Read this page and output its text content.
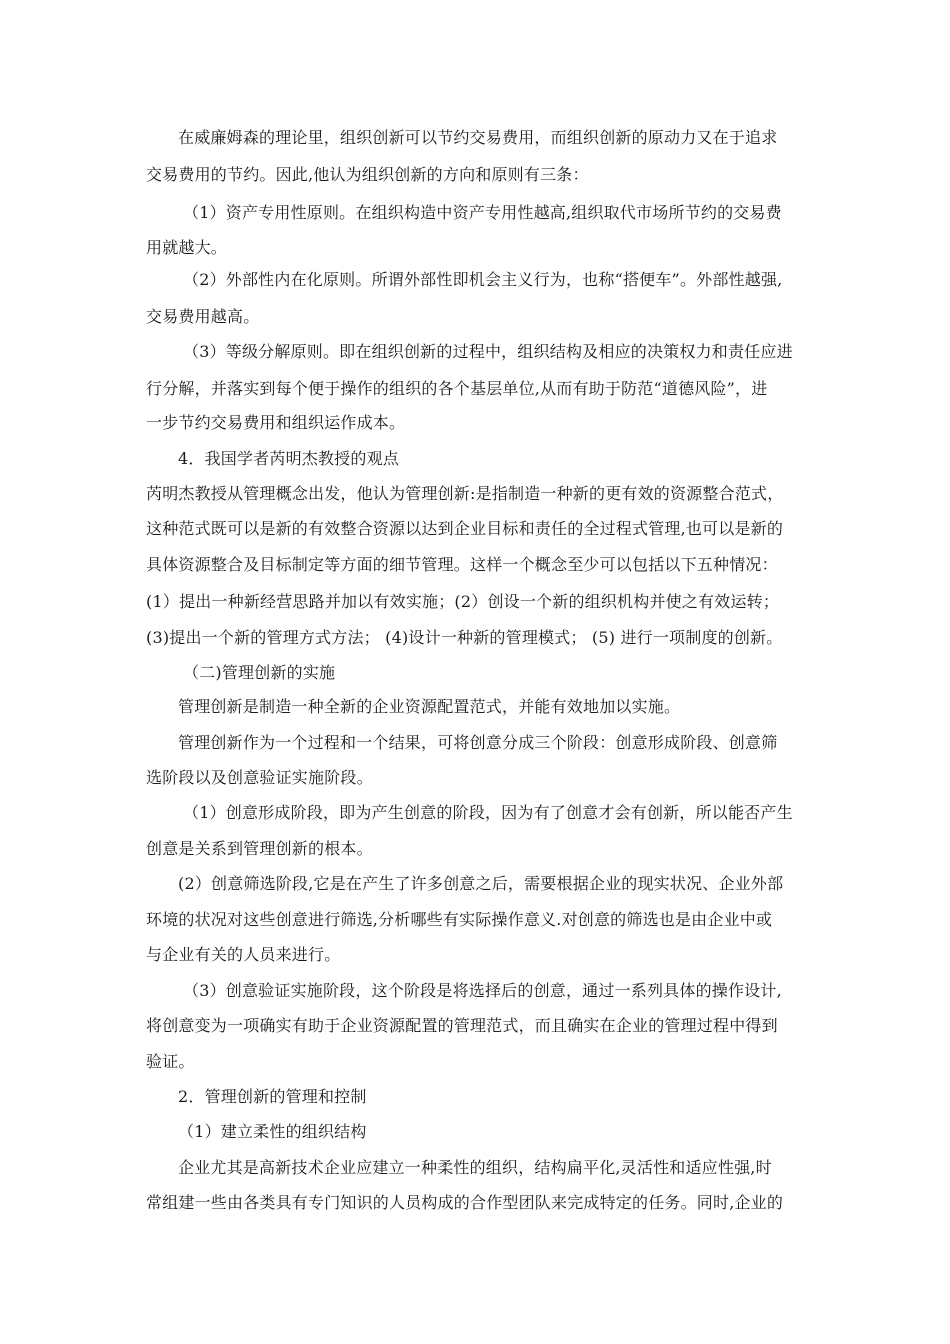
在威廉姆森的理论里，组织创新可以节约交易费用，而组织创新的原动力又在于追求
交易费用的节约。因此,他认为组织创新的方向和原则有三条：
（1）资产专用性原则。在组织构造中资产专用性越高,组织取代市场所节约的交易费
用就越大。
（2）外部性内在化原则。所谓外部性即机会主义行为，也称“搭便车”。外部性越强,
交易费用越高。
（3）等级分解原则。即在组织创新的过程中，组织结构及相应的决策权力和责任应进
行分解，并落实到每个便于操作的组织的各个基层单位,从而有助于防范“道德风险”，进
一步节约交易费用和组织运作成本。
4．我国学者芮明杰教授的观点
芮明杰教授从管理概念出发，他认为管理创新:是指制造一种新的更有效的资源整合范式，
这种范式既可以是新的有效整合资源以达到企业目标和责任的全过程式管理,也可以是新的
具体资源整合及目标制定等方面的细节管理。这样一个概念至少可以包括以下五种情况：
(1）提出一种新经营思路并加以有效实施；(2）创设一个新的组织机构并使之有效运转；
(3)提出一个新的管理方式方法； (4)设计一种新的管理模式； (5) 进行一项制度的创新。
（二)管理创新的实施
管理创新是制造一种全新的企业资源配置范式，并能有效地加以实施。
管理创新作为一个过程和一个结果，可将创意分成三个阶段：创意形成阶段、创意筛
选阶段以及创意验证实施阶段。
（1）创意形成阶段，即为产生创意的阶段，因为有了创意才会有创新，所以能否产生
创意是关系到管理创新的根本。
(2）创意筛选阶段,它是在产生了许多创意之后，需要根据企业的现实状况、企业外部
环境的状况对这些创意进行筛选,分析哪些有实际操作意义.对创意的筛选也是由企业中或
与企业有关的人员来进行。
（3）创意验证实施阶段，这个阶段是将选择后的创意，通过一系列具体的操作设计,
将创意变为一项确实有助于企业资源配置的管理范式，而且确实在企业的管理过程中得到
验证。
2．管理创新的管理和控制
（1）建立柔性的组织结构
企业尤其是高新技术企业应建立一种柔性的组织，结构扁平化,灵活性和适应性强,时
常组建一些由各类具有专门知识的人员构成的合作型团队来完成特定的任务。同时,企业的
